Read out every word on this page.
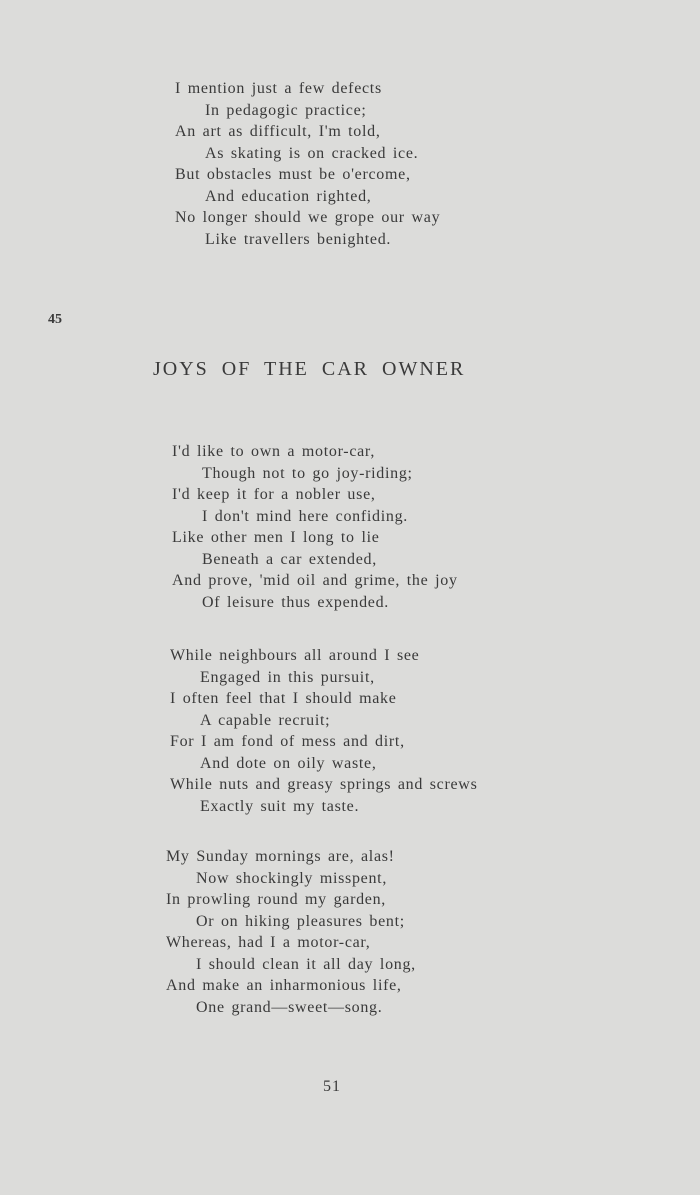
I mention just a few defects
In pedagogic practice;
An art as difficult, I'm told,
As skating is on cracked ice.
But obstacles must be o'ercome,
And education righted,
No longer should we grope our way
Like travellers benighted.
45
JOYS OF THE CAR OWNER
I'd like to own a motor-car,
Though not to go joy-riding;
I'd keep it for a nobler use,
I don't mind here confiding.
Like other men I long to lie
Beneath a car extended,
And prove, 'mid oil and grime, the joy
Of leisure thus expended.
While neighbours all around I see
Engaged in this pursuit,
I often feel that I should make
A capable recruit;
For I am fond of mess and dirt,
And dote on oily waste,
While nuts and greasy springs and screws
Exactly suit my taste.
My Sunday mornings are, alas!
Now shockingly misspent,
In prowling round my garden,
Or on hiking pleasures bent;
Whereas, had I a motor-car,
I should clean it all day long,
And make an inharmonious life,
One grand—sweet—song.
51
